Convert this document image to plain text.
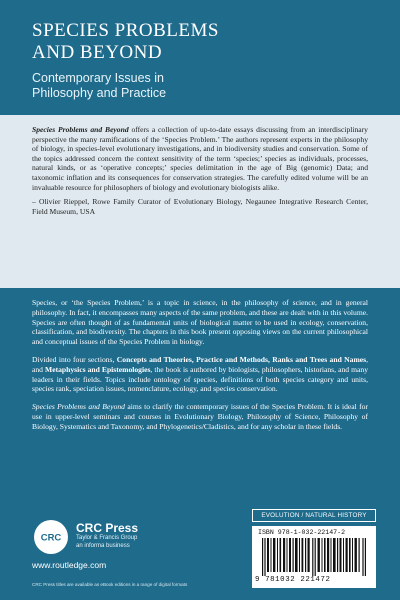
SPECIES PROBLEMS
AND BEYOND
Contemporary Issues in
Philosophy and Practice

Species Problems and Beyond offers a collection of up-to-date essays discussing from an interdisciplinary perspective the many ramifications of the ‘Species Problem.’ The authors represent experts in the philosophy of biology, in species-level evolutionary investigations, and in biodiversity studies and conservation. Some of the topics addressed concern the context sensitivity of the term ‘species;’ species as individuals, processes, natural kinds, or as ‘operative concepts;’ species delimitation in the age of Big (genomic) Data; and taxonomic inflation and its consequences for conservation strategies. The carefully edited volume will be an invaluable resource for philosophers of biology and evolutionary biologists alike.

– Olivier Rieppel, Rowe Family Curator of Evolutionary Biology, Negaunee Integrative Research Center, Field Museum, USA

Species, or ‘the Species Problem,’ is a topic in science, in the philosophy of science, and in general philosophy. In fact, it encompasses many aspects of the same problem, and these are dealt with in this volume. Species are often thought of as fundamental units of biological matter to be used in ecology, conservation, classification, and biodiversity. The chapters in this book present opposing views on the current philosophical and conceptual issues of the Species Problem in biology.

Divided into four sections, Concepts and Theories, Practice and Methods, Ranks and Trees and Names, and Metaphysics and Epistemologies, the book is authored by biologists, philosophers, historians, and many leaders in their fields. Topics include ontology of species, definitions of both species category and units, species rank, speciation issues, nomenclature, ecology, and species conservation.

Species Problems and Beyond aims to clarify the contemporary issues of the Species Problem. It is ideal for use in upper-level seminars and courses in Evolutionary Biology, Philosophy of Science, Philosophy of Biology, Systematics and Taxonomy, and Phylogenetics/Cladistics, and for any scholar in these fields.

CRC
CRC Press
Taylor & Francis Group
an informa business
www.routledge.com
CRC Press titles are available as eBook editions in a range of digital formats
EVOLUTION / NATURAL HISTORY
ISBN 978-1-032-22147-2
9 781032 221472
